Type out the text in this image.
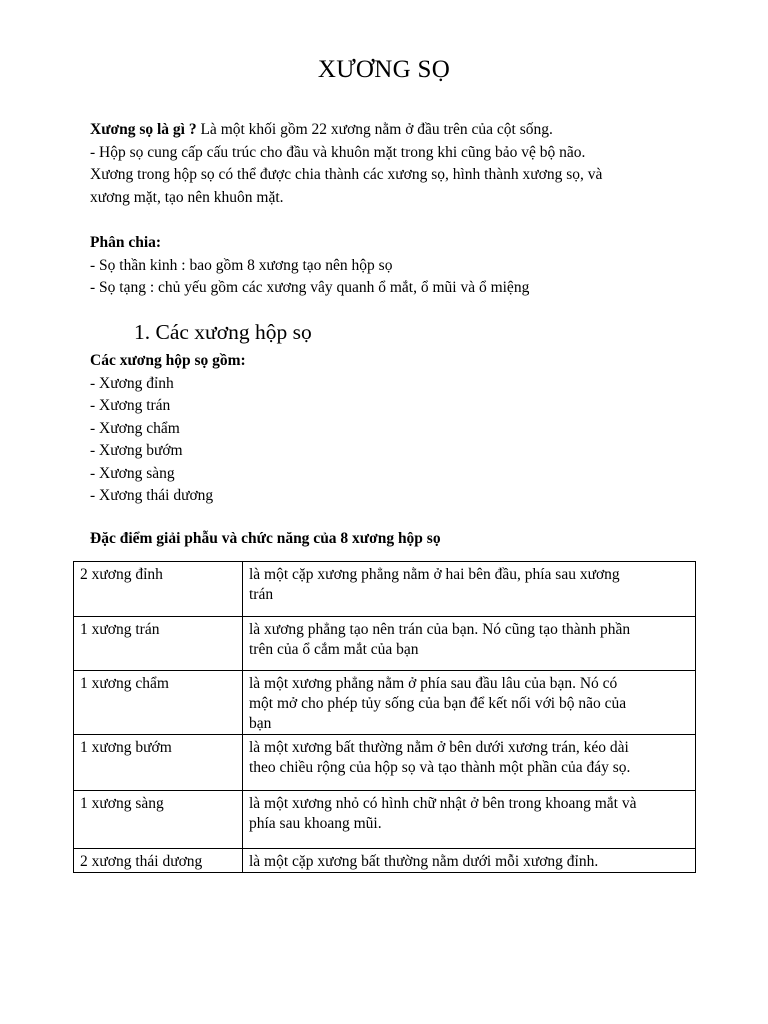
XƯƠNG SỌ

Xương sọ là gì ? Là một khối gồm 22 xương nằm ở đầu trên của cột sống.

- Hộp sọ cung cấp cấu trúc cho đầu và khuôn mặt trong khi cũng bảo vệ bộ não.

Xương trong hộp sọ có thể được chia thành các xương sọ, hình thành xương sọ, và

xương mặt, tạo nên khuôn mặt.

Phân chia:

- Sọ thần kinh : bao gồm 8 xương tạo nên hộp sọ

- Sọ tạng : chủ yếu gồm các xương vây quanh ổ mắt, ổ mũi và ổ miệng

1. Các xương hộp sọ

Các xương hộp sọ gồm:

- Xương đỉnh

- Xương trán

- Xương chẩm

- Xương bướm

- Xương sàng

- Xương thái dương

Đặc điểm giải phẫu và chức năng của 8 xương hộp sọ

2 xương đỉnh	là một cặp xương phẳng nằm ở hai bên đầu, phía sau xương
trán

1 xương trán	là xương phẳng tạo nên trán của bạn. Nó cũng tạo thành phần
trên của ổ cắm mắt của bạn

1 xương chẩm	là một xương phẳng nằm ở phía sau đầu lâu của bạn. Nó có
một mở cho phép tủy sống của bạn để kết nối với bộ não của
bạn

1 xương bướm	là một xương bất thường nằm ở bên dưới xương trán, kéo dài
theo chiều rộng của hộp sọ và tạo thành một phần của đáy sọ.

1 xương sàng	là một xương nhỏ có hình chữ nhật ở bên trong khoang mắt và
phía sau khoang mũi.

2 xương thái dương	là một cặp xương bất thường nằm dưới mỗi xương đỉnh.
